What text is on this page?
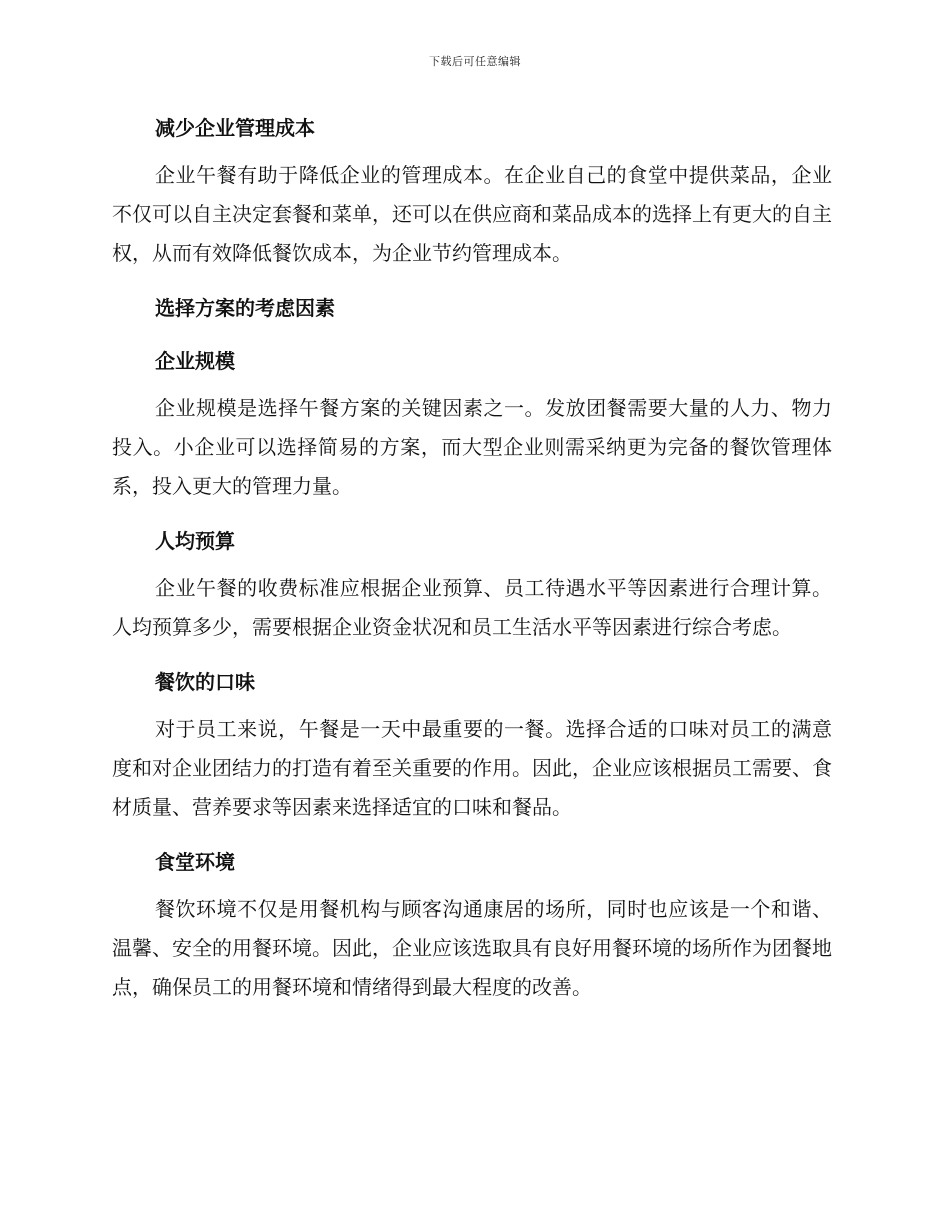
下载后可任意编辑
减少企业管理成本

企业午餐有助于降低企业的管理成本。在企业自己的食堂中提供菜品，企业不仅可以自主决定套餐和菜单，还可以在供应商和菜品成本的选择上有更大的自主权，从而有效降低餐饮成本，为企业节约管理成本。

选择方案的考虑因素
企业规模

企业规模是选择午餐方案的关键因素之一。发放团餐需要大量的人力、物力投入。小企业可以选择简易的方案，而大型企业则需采纳更为完备的餐饮管理体系，投入更大的管理力量。

人均预算

企业午餐的收费标准应根据企业预算、员工待遇水平等因素进行合理计算。人均预算多少，需要根据企业资金状况和员工生活水平等因素进行综合考虑。

餐饮的口味

对于员工来说，午餐是一天中最重要的一餐。选择合适的口味对员工的满意度和对企业团结力的打造有着至关重要的作用。因此，企业应该根据员工需要、食材质量、营养要求等因素来选择适宜的口味和餐品。

食堂环境

餐饮环境不仅是用餐机构与顾客沟通康居的场所，同时也应该是一个和谐、温馨、安全的用餐环境。因此，企业应该选取具有良好用餐环境的场所作为团餐地点，确保员工的用餐环境和情绪得到最大程度的改善。
